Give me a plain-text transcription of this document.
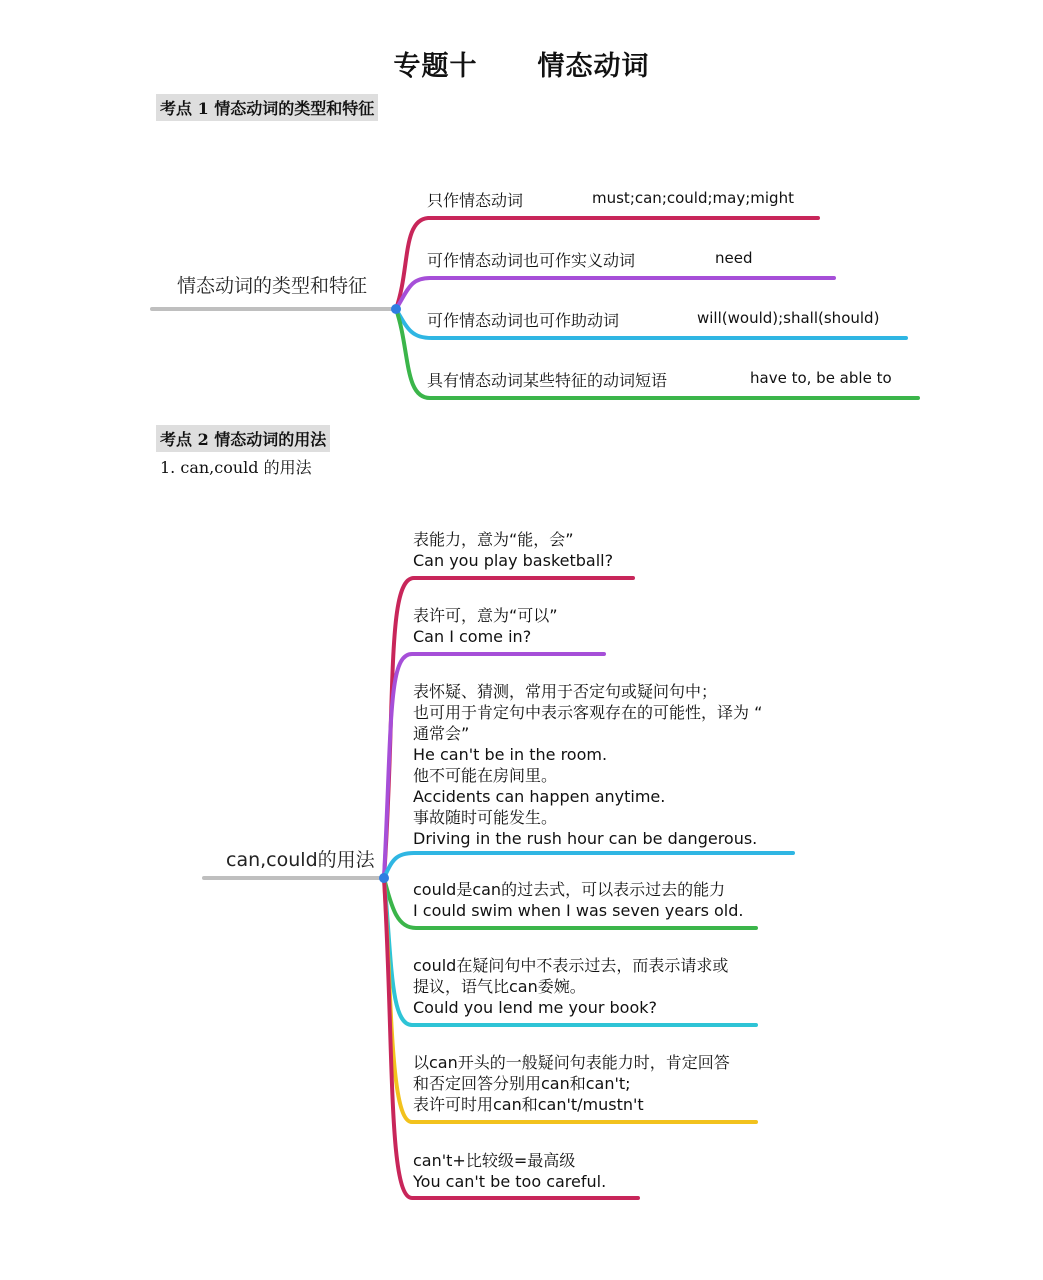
专题十 情态动词
考点 1 情态动词的类型和特征
情态动词的类型和特征
只作情态动词	must;can;could;may;might
可作情态动词也可作实义动词	need
可作情态动词也可作助动词	will(would);shall(should)
具有情态动词某些特征的动词短语	have to, be able to
考点 2 情态动词的用法
1. can,could 的用法
can,could的用法
表能力，意为“能，会”
Can you play basketball?
表许可，意为“可以”
Can I come in?
表怀疑、猜测，常用于否定句或疑问句中；
也可用于肯定句中表示客观存在的可能性，译为 “
通常会”
He can't be in the room.
他不可能在房间里。
Accidents can happen anytime.
事故随时可能发生。
Driving in the rush hour can be dangerous.
could是can的过去式，可以表示过去的能力
I could swim when I was seven years old.
could在疑问句中不表示过去，而表示请求或
提议，语气比can委婉。
Could you lend me your book?
以can开头的一般疑问句表能力时，肯定回答
和否定回答分别用can和can't;
表许可时用can和can't/mustn't
can't+比较级=最高级
You can't be too careful.
